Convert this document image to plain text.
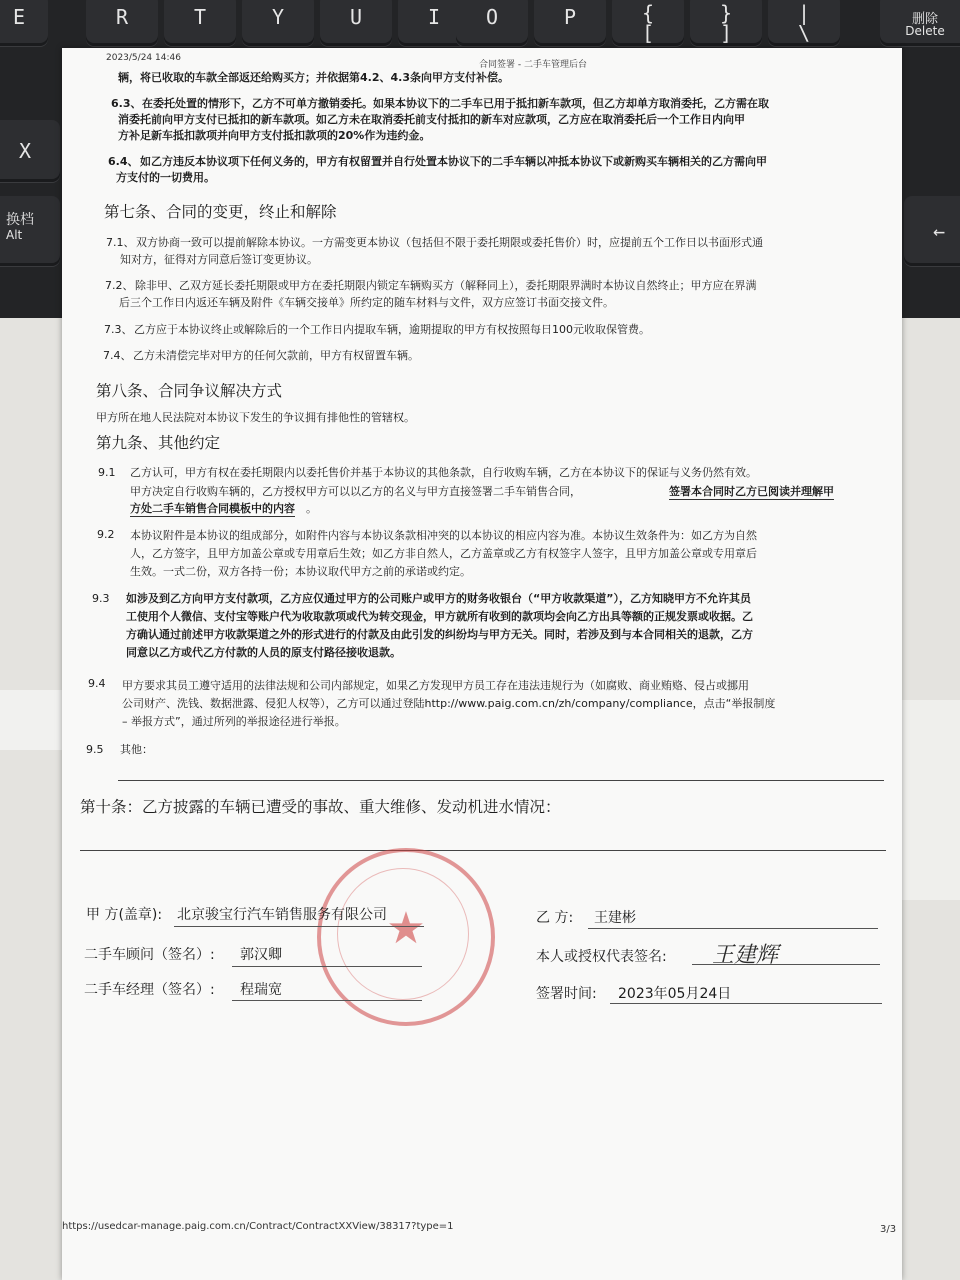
E	R	T	Y	U	I	O	P	{
[
}
]
|
\
删除
Delete
X
换档
Alt	←
2023/5/24 14:46
合同签署 - 二手车管理后台
辆，将已收取的车款全部返还给购买方；并依据第4.2、4.3条向甲方支付补偿。
6.3、 在委托处置的情形下，乙方不可单方撤销委托。如果本协议下的二手车已用于抵扣新车款项，但乙方却单方取消委托，乙方需在取
消委托前向甲方支付已抵扣的新车款项。如乙方未在取消委托前支付抵扣的新车对应款项，乙方应在取消委托后一个工作日内向甲
方补足新车抵扣款项并向甲方支付抵扣款项的20%作为违约金。
6.4、 如乙方违反本协议项下任何义务的，甲方有权留置并自行处置本协议下的二手车辆以冲抵本协议下或新购买车辆相关的乙方需向甲
方支付的一切费用。
第七条、合同的变更，终止和解除
7.1、 双方协商一致可以提前解除本协议。一方需变更本协议（包括但不限于委托期限或委托售价）时，应提前五个工作日以书面形式通
知对方，征得对方同意后签订变更协议。
7.2、 除非甲、乙双方延长委托期限或甲方在委托期限内锁定车辆购买方（解释同上），委托期限界满时本协议自然终止；甲方应在界满
后三个工作日内返还车辆及附件《车辆交接单》所约定的随车材料与文件，双方应签订书面交接文件。
7.3、 乙方应于本协议终止或解除后的一个工作日内提取车辆，逾期提取的甲方有权按照每日100元收取保管费。
7.4、 乙方未清偿完毕对甲方的任何欠款前，甲方有权留置车辆。
第八条、合同争议解决方式
甲方所在地人民法院对本协议下发生的争议拥有排他性的管辖权。
第九条、其他约定
9.1 乙方认可，甲方有权在委托期限内以委托售价并基于本协议的其他条款，自行收购车辆，乙方在本协议下的保证与义务仍然有效。
甲方决定自行收购车辆的，乙方授权甲方可以以乙方的名义与甲方直接签署二手车销售合同，	签署本合同时乙方已阅读并理解甲
方处二手车销售合同模板中的内容 。
9.2 本协议附件是本协议的组成部分，如附件内容与本协议条款相冲突的以本协议的相应内容为准。本协议生效条件为：如乙方为自然
人，乙方签字，且甲方加盖公章或专用章后生效；如乙方非自然人，乙方盖章或乙方有权签字人签字，且甲方加盖公章或专用章后
生效。一式二份，双方各持一份；本协议取代甲方之前的承诺或约定。
9.3 如涉及到乙方向甲方支付款项，乙方应仅通过甲方的公司账户或甲方的财务收银台（“甲方收款渠道”），乙方知晓甲方不允许其员
工使用个人微信、支付宝等账户代为收取款项或代为转交现金，甲方就所有收到的款项均会向乙方出具等额的正规发票或收据。乙
方确认通过前述甲方收款渠道之外的形式进行的付款及由此引发的纠纷均与甲方无关。同时，若涉及到与本合同相关的退款，乙方
同意以乙方或代乙方付款的人员的原支付路径接收退款。
9.4 甲方要求其员工遵守适用的法律法规和公司内部规定，如果乙方发现甲方员工存在违法违规行为（如腐败、商业贿赂、侵占或挪用
公司财产、洗钱、数据泄露、侵犯人权等），乙方可以通过登陆http://www.paig.com.cn/zh/company/compliance，点击“举报制度
– 举报方式”，通过所列的举报途径进行举报。
9.5 其他：
第十条：乙方披露的车辆已遭受的事故、重大维修、发动机进水情况：
★
甲 方(盖章): 北京骏宝行汽车销售服务有限公司
二手车顾问（签名）: 郭汉卿
二手车经理（签名）: 程瑞宽
乙 方: 王建彬
本人或授权代表签名: 王建辉
签署时间: 2023年05月24日
https://usedcar-manage.paig.com.cn/Contract/ContractXXView/38317?type=1	3/3
